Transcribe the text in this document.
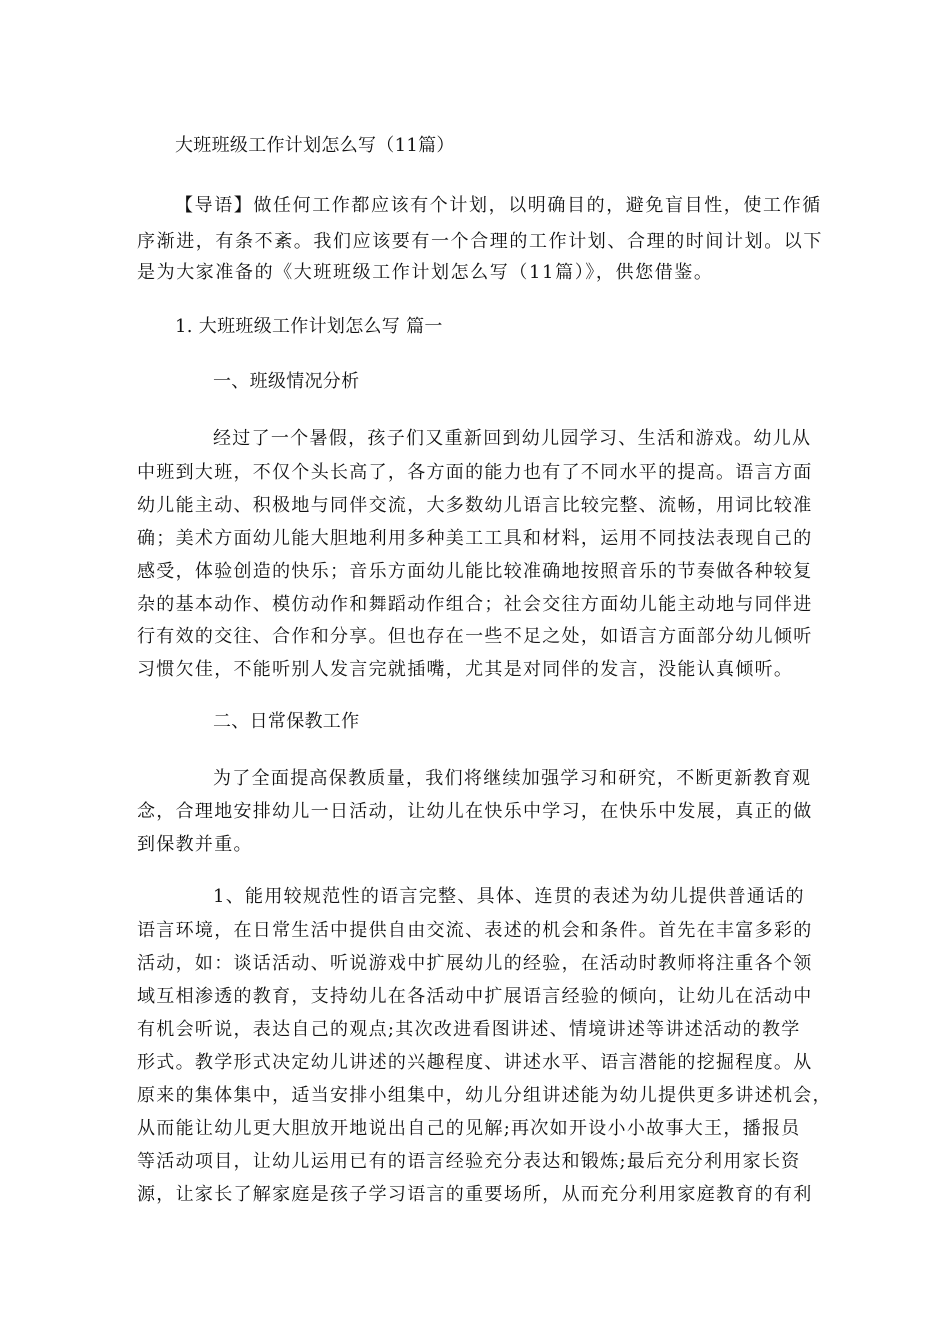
大班班级工作计划怎么写（11篇）
【导语】做任何工作都应该有个计划，以明确目的，避免盲目性，使工作循
序渐进，有条不紊。我们应该要有一个合理的工作计划、合理的时间计划。以下
是为大家准备的《大班班级工作计划怎么写（11篇）》，供您借鉴。
1. 大班班级工作计划怎么写 篇一
一、班级情况分析
经过了一个暑假，孩子们又重新回到幼儿园学习、生活和游戏。幼儿从
中班到大班，不仅个头长高了，各方面的能力也有了不同水平的提高。语言方面
幼儿能主动、积极地与同伴交流，大多数幼儿语言比较完整、流畅，用词比较准
确；美术方面幼儿能大胆地利用多种美工工具和材料，运用不同技法表现自己的
感受，体验创造的快乐；音乐方面幼儿能比较准确地按照音乐的节奏做各种较复
杂的基本动作、模仿动作和舞蹈动作组合；社会交往方面幼儿能主动地与同伴进
行有效的交往、合作和分享。但也存在一些不足之处，如语言方面部分幼儿倾听
习惯欠佳，不能听别人发言完就插嘴，尤其是对同伴的发言，没能认真倾听。
二、日常保教工作
为了全面提高保教质量，我们将继续加强学习和研究，不断更新教育观
念，合理地安排幼儿一日活动，让幼儿在快乐中学习，在快乐中发展，真正的做
到保教并重。
1、能用较规范性的语言完整、具体、连贯的表述为幼儿提供普通话的
语言环境，在日常生活中提供自由交流、表述的机会和条件。首先在丰富多彩的
活动，如：谈话活动、听说游戏中扩展幼儿的经验，在活动时教师将注重各个领
域互相渗透的教育，支持幼儿在各活动中扩展语言经验的倾向，让幼儿在活动中
有机会听说，表达自己的观点;其次改进看图讲述、情境讲述等讲述活动的教学
形式。教学形式决定幼儿讲述的兴趣程度、讲述水平、语言潜能的挖掘程度。从
原来的集体集中，适当安排小组集中，幼儿分组讲述能为幼儿提供更多讲述机会，
从而能让幼儿更大胆放开地说出自己的见解;再次如开设小小故事大王，播报员
等活动项目，让幼儿运用已有的语言经验充分表达和锻炼;最后充分利用家长资
源，让家长了解家庭是孩子学习语言的重要场所，从而充分利用家庭教育的有利
